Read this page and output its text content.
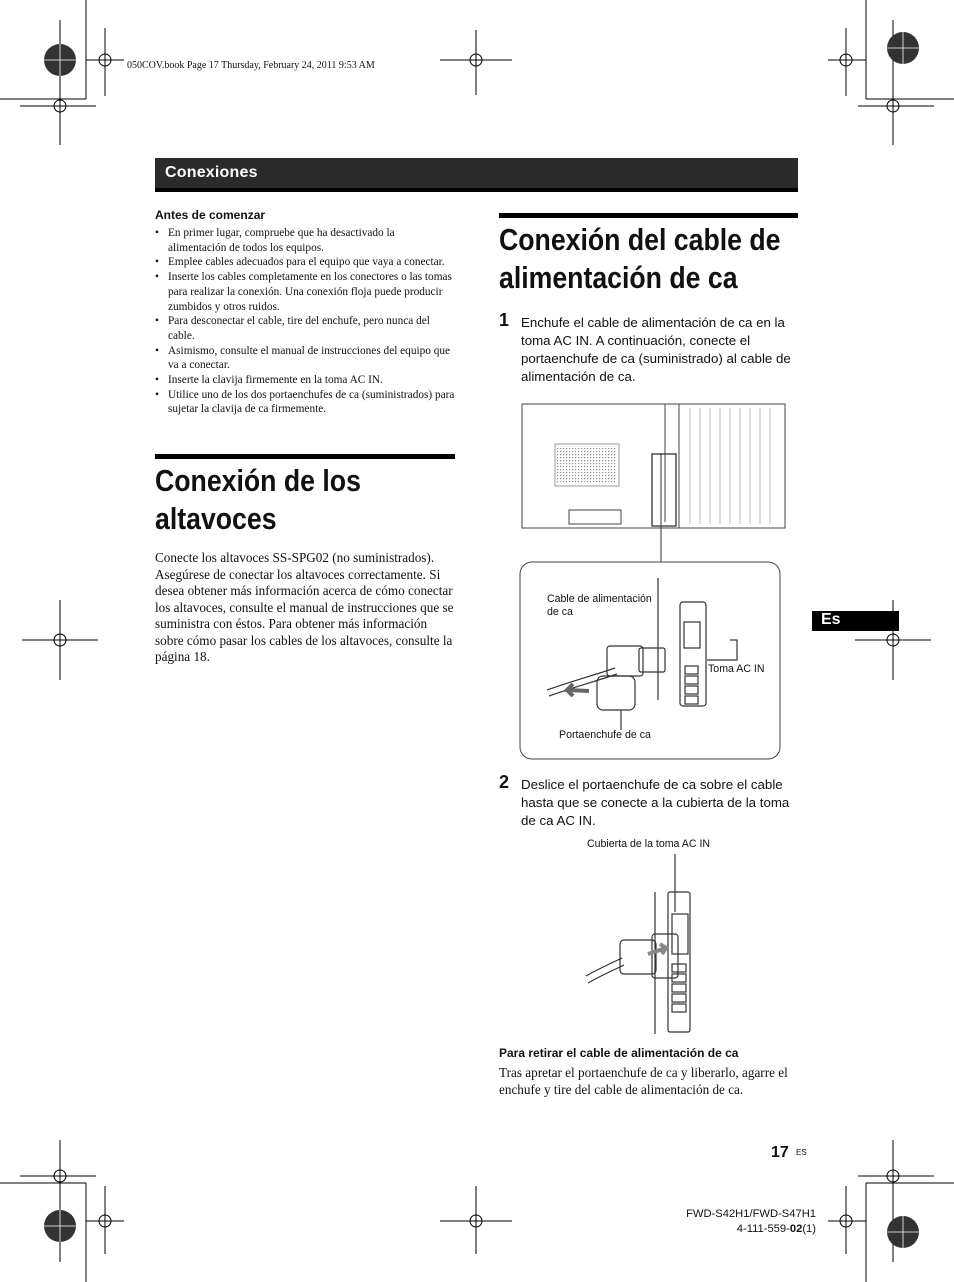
050COV.book Page 17 Thursday, February 24, 2011 9:53 AM
Conexiones
Antes de comenzar
• En primer lugar, compruebe que ha desactivado la alimentación de todos los equipos.
• Emplee cables adecuados para el equipo que vaya a conectar.
• Inserte los cables completamente en los conectores o las tomas para realizar la conexión. Una conexión floja puede producir zumbidos y otros ruidos.
• Para desconectar el cable, tire del enchufe, pero nunca del cable.
• Asimismo, consulte el manual de instrucciones del equipo que va a conectar.
• Inserte la clavija firmemente en la toma AC IN.
• Utilice uno de los dos portaenchufes de ca (suministrados) para sujetar la clavija de ca firmemente.
Conexión de los altavoces
Conecte los altavoces SS-SPG02 (no suministrados). Asegúrese de conectar los altavoces correctamente. Si desea obtener más información acerca de cómo conectar los altavoces, consulte el manual de instrucciones que se suministra con éstos. Para obtener más información sobre cómo pasar los cables de los altavoces, consulte la página 18.
Conexión del cable de alimentación de ca
1 Enchufe el cable de alimentación de ca en la toma AC IN. A continuación, conecte el portaenchufe de ca (suministrado) al cable de alimentación de ca.
Cable de alimentación de ca
Toma AC IN
Portaenchufe de ca
2 Deslice el portaenchufe de ca sobre el cable hasta que se conecte a la cubierta de la toma de ca AC IN.
Cubierta de la toma AC IN
Para retirar el cable de alimentación de ca
Tras apretar el portaenchufe de ca y liberarlo, agarre el enchufe y tire del cable de alimentación de ca.
Es
17 ES
FWD-S42H1/FWD-S47H1
4-111-559-02(1)
